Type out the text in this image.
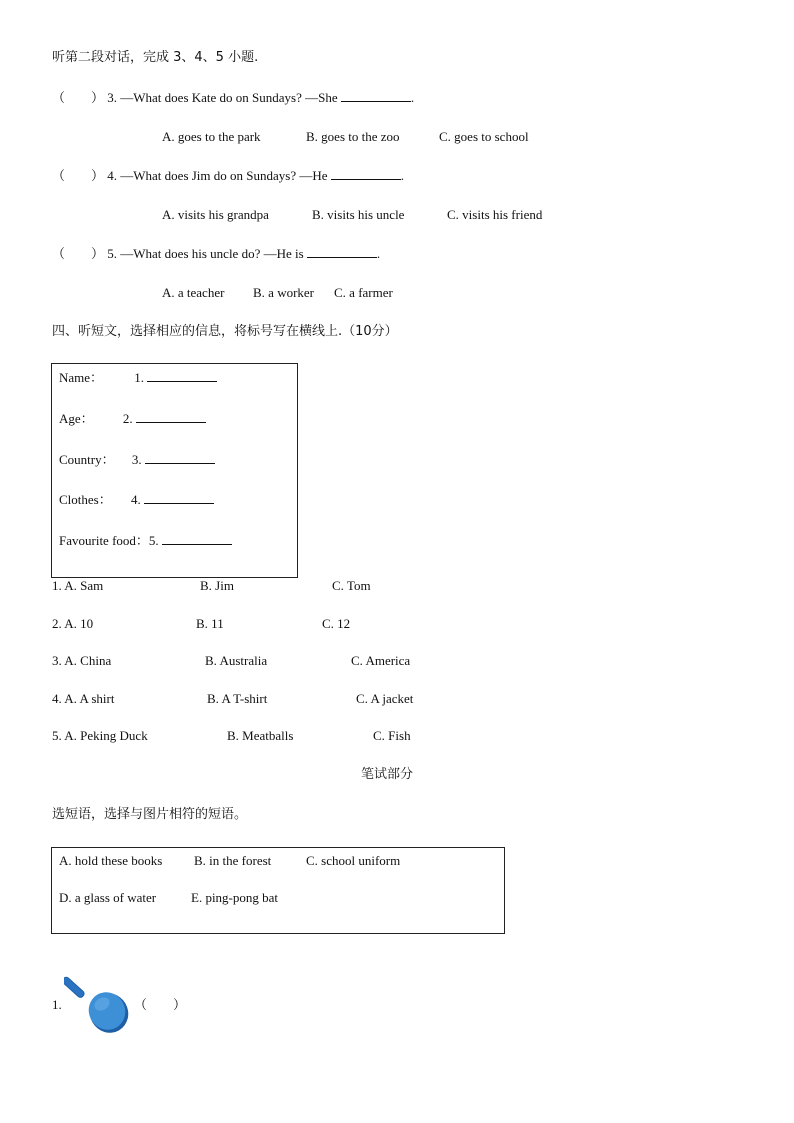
听第二段对话，完成 3、4、5 小题.
（　　） 3. —What does Kate do on Sundays? —She	.
A. goes to the park	B. goes to the zoo	C. goes to school
（　　） 4. —What does Jim do on Sundays? —He	.
A. visits his grandpa	B. visits his uncle	C. visits his friend
（　　） 5. —What does his uncle do? —He is	.
A. a teacher B. a worker C. a farmer
四、听短文，选择相应的信息，将标号写在横线上.（10分）
Name： 1.
Age： 2.
Country： 3.
Clothes： 4.
Favourite food：5.
1. A. Sam	B. Jim	C. Tom
2. A. 10	B. 11	C. 12
3. A. China	B. Australia	C. America
4. A. A shirt	B. A T-shirt	C. A jacket
5. A. Peking Duck	B. Meatballs	C. Fish
笔试部分
选短语，选择与图片相符的短语。
A. hold these books B. in the forest	C. school uniform
D. a glass of water	E. ping-pong bat
1.	（　　）
